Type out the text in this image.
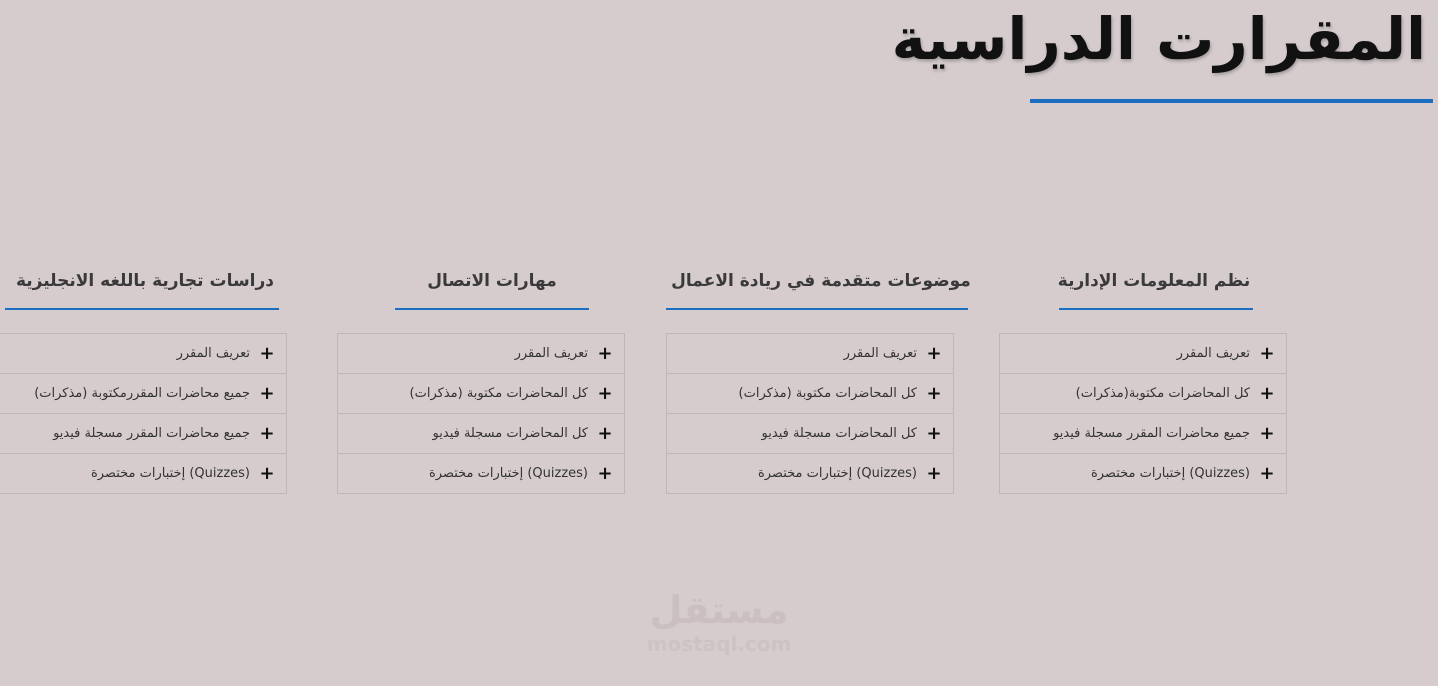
المقرارت الدراسية
نظم المعلومات الإدارية
+
تعريف المقرر
+
كل المحاضرات مكتوبة(مذكرات)
+
جميع محاضرات المقرر مسجلة فيديو
+
(Quizzes) إختبارات مختصرة
موضوعات متقدمة في ريادة الاعمال
+
تعريف المقرر
+
كل المحاضرات مكتوبة (مذكرات)
+
كل المحاضرات مسجلة فيديو
+
(Quizzes) إختبارات مختصرة
مهارات الاتصال
+
تعريف المقرر
+
كل المحاضرات مكتوبة (مذكرات)
+
كل المحاضرات مسجلة فيديو
+
(Quizzes) إختبارات مختصرة
دراسات تجارية باللغه الانجليزية
+
تعريف المقرر
+
جميع محاضرات المقررمكتوبة (مذكرات)
+
جميع محاضرات المقرر مسجلة فيديو
+
(Quizzes) إختبارات مختصرة
مستقل
mostaql.com
